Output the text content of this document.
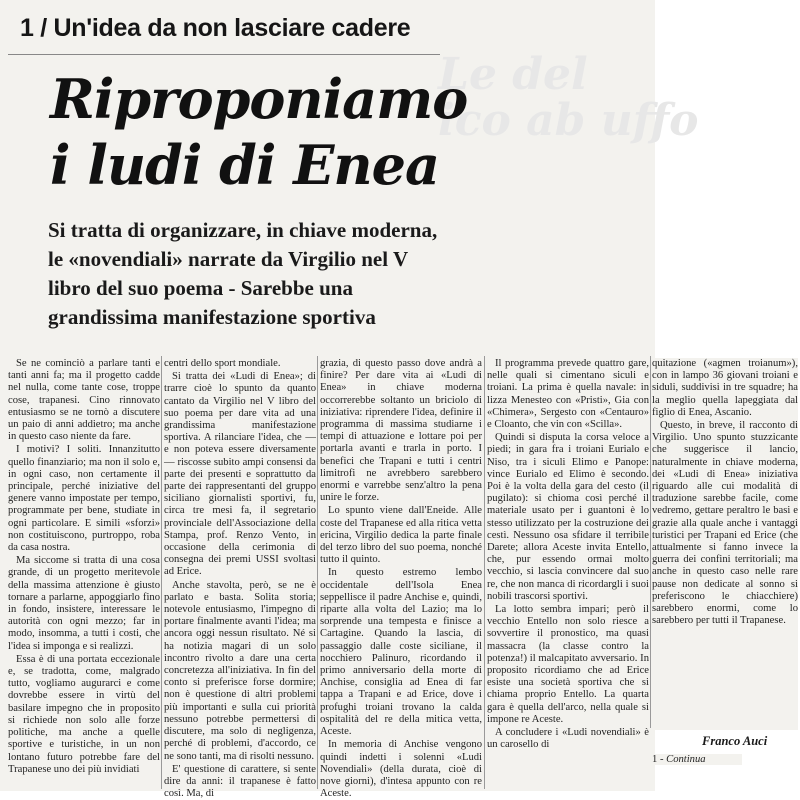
Le del
ico ab uffo
1 / Un'idea da non lasciare cadere
Riproponiamo
i ludi di Enea
Si tratta di organizzare, in chiave moderna, le «novendiali» narrate da Virgilio nel V libro del suo poema - Sarebbe una grandissima manifestazione sportiva

Se ne cominciò a parlare tanti e tanti anni fa; ma il progetto cadde nel nulla, come tante cose, troppe cose, trapanesi. Cino rinnovato entusiasmo se ne tornò a discutere un paio di anni addietro; ma anche in questo caso niente da fare.

I motivi? I soliti. Innanzitutto quello finanziario; ma non il solo e, in ogni caso, non certamente il principale, perché iniziative del genere vanno impostate per tempo, programmate per bene, studiate in ogni particolare. E simili «sforzi» non costituiscono, purtroppo, roba da casa nostra.

Ma siccome si tratta di una cosa grande, di un progetto meritevole della massima attenzione è giusto tornare a parlarne, appoggiarlo fino in fondo, insistere, interessare le autorità con ogni mezzo; far in modo, insomma, a tutti i costi, che l'idea si imponga e si realizzi.

Essa è di una portata eccezionale e, se tradotta, come, malgrado tutto, vogliamo augurarci e come dovrebbe essere in virtù del basilare impegno che in proposito si richiede non solo alle forze politiche, ma anche a quelle sportive e turistiche, in un non lontano futuro potrebbe fare del Trapanese uno dei più invidiati

centri dello sport mondiale.

Si tratta dei «Ludi di Enea»; di trarre cioè lo spunto da quanto cantato da Virgilio nel V libro del suo poema per dare vita ad una grandissima manifestazione sportiva. A rilanciare l'idea, che — e non poteva essere diversamente — riscosse subito ampi consensi da parte dei presenti e soprattutto da parte dei rappresentanti del gruppo siciliano giornalisti sportivi, fu, circa tre mesi fa, il segretario provinciale dell'Associazione della Stampa, prof. Renzo Vento, in occasione della cerimonia di consegna dei premi USSI svoltasi ad Erice.

Anche stavolta, però, se ne è parlato e basta. Solita storia; notevole entusiasmo, l'impegno di portare finalmente avanti l'idea; ma ancora oggi nessun risultato. Né si ha notizia magari di un solo incontro rivolto a dare una certa concretezza all'iniziativa. In fin del conto si preferisce forse dormire; non è questione di altri problemi più importanti e sulla cui priorità nessuno potrebbe permettersi di discutere, ma solo di negligenza, perché di problemi, d'accordo, ce ne sono tanti, ma di risolti nessuno.

E' questione di carattere, si sente dire da anni: il trapanese è fatto così. Ma, di

grazia, di questo passo dove andrà a finire? Per dare vita ai «Ludi di Enea» in chiave moderna occorrerebbe soltanto un briciolo di iniziativa: riprendere l'idea, definire il programma di massima studiarne i tempi di attuazione e lottare poi per portarla avanti e trarla in porto. I benefici che Trapani e tutti i centri limitrofi ne avrebbero sarebbero enormi e varrebbe senz'altro la pena unire le forze.

Lo spunto viene dall'Eneide. Alle coste del Trapanese ed alla ritica vetta ericina, Virgilio dedica la parte finale del terzo libro del suo poema, nonché tutto il quinto.

In questo estremo lembo occidentale dell'Isola Enea seppellisce il padre Anchise e, quindi, riparte alla volta del Lazio; ma lo sorprende una tempesta e finisce a Cartagine. Quando la lascia, di passaggio dalle coste siciliane, il nocchiero Palinuro, ricordando il primo anniversario della morte di Anchise, consiglia ad Enea di far tappa a Trapani e ad Erice, dove i profughi troiani trovano la calda ospitalità del re della mitica vetta, Aceste.

In memoria di Anchise vengono quindi indetti i solenni «Ludi Novendiali» (della durata, cioè di nove giorni), d'intesa appunto con re Aceste.

Il programma prevede quattro gare, nelle quali si cimentano siculi e troiani. La prima è quella navale: in lizza Menesteo con «Pristi», Gia con «Chimera», Sergesto con «Centauro» e Cloanto, che vin con «Scilla».

Quindi si disputa la corsa veloce a piedi; in gara fra i troiani Eurialo e Niso, tra i siculi Elimo e Panope: vince Eurialo ed Elimo è secondo. Poi è la volta della gara del cesto (il pugilato): si chioma così perché il materiale usato per i guantoni è lo stesso utilizzato per la costruzione dei cestì. Nessuno osa sfidare il terribile Darete; allora Aceste invita Entello, che, pur essendo ormai molto vecchio, si lascia convincere dal suo re, che non manca di ricordargli i suoi nobili trascorsi sportivi.

La lotto sembra impari; però il vecchio Entello non solo riesce a sovvertire il pronostico, ma quasi massacra (la classe contro la potenza!) il malcapitato avversario. In proposito ricordiamo che ad Erice esiste una società sportiva che si chiama proprio Entello. La quarta gara è quella dell'arco, nella quale si impone re Aceste.

A concludere i «Ludi novendiali» è un carosello di

quitazione («agmen troianum»), con in lampo 36 giovani troiani e siduli, suddivisi in tre squadre; ha la meglio quella lapeggiata dal figlio di Enea, Ascanio.

Questo, in breve, il racconto di Virgilio. Uno spunto stuzzicante che suggerisce il lancio, naturalmente in chiave moderna, dei «Ludi di Enea» iniziativa riguardo alle cui modalità di traduzione sarebbe facile, come vedremo, gettare peraltro le basi e grazie alla quale anche i vantaggi turistici per Trapani ed Erice (che attualmente si fanno invece la guerra dei confini territoriali; ma anche in questo caso nelle rare pause non dedicate al sonno si preferiscono le chiacchiere) sarebbero enormi, come lo sarebbero per tutti il Trapanese.

Franco Auci
1 - Continua
